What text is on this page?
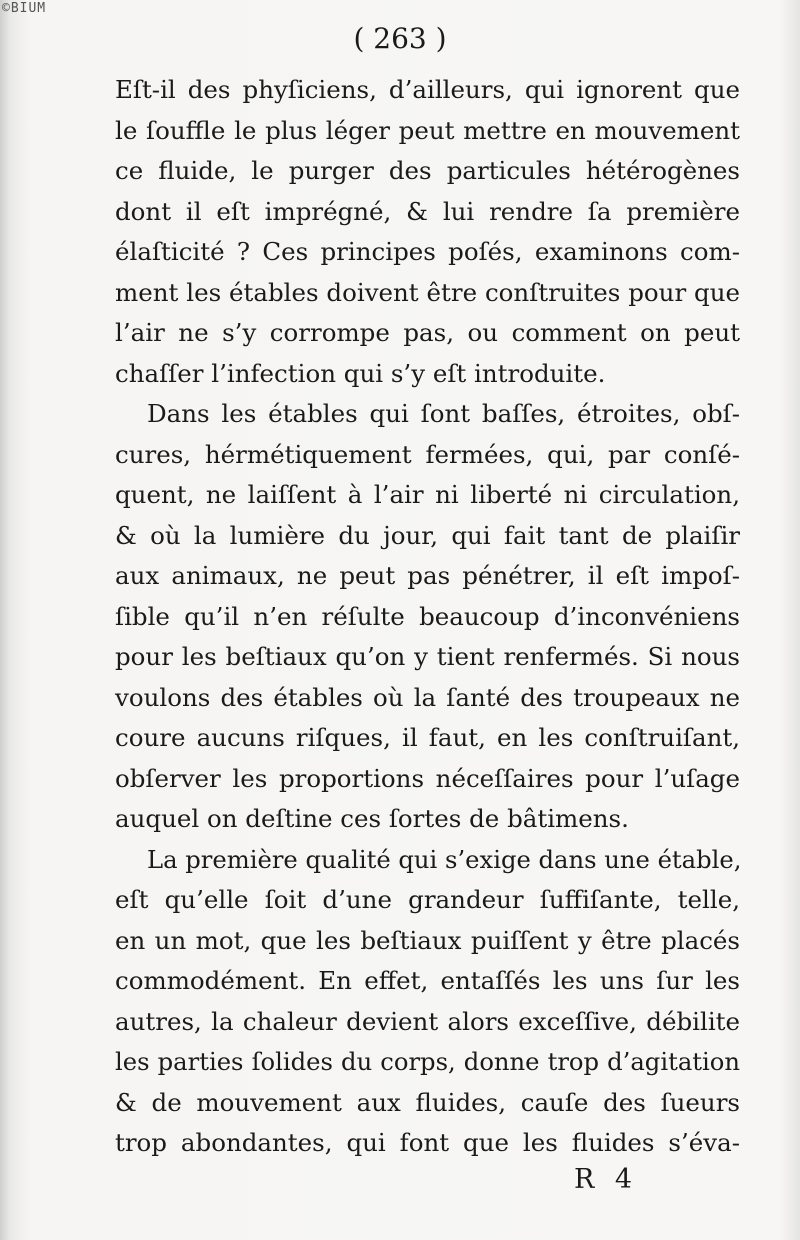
©BIUM
( 263 )
Eſt-il des phyſiciens, d’ailleurs, qui ignorent que
le ſouffle le plus léger peut mettre en mouvement
ce fluide, le purger des particules hétérogènes
dont il eſt imprégné, & lui rendre ſa première
élaſticité ? Ces principes poſés, examinons com-
ment les étables doivent être conſtruites pour que
l’air ne s’y corrompe pas, ou comment on peut
chaſſer l’infection qui s’y eſt introduite.
Dans les étables qui ſont baſſes, étroites, obſ-
cures, hérmétiquement fermées, qui, par conſé-
quent, ne laiſſent à l’air ni liberté ni circulation,
& où la lumière du jour, qui fait tant de plaiſir
aux animaux, ne peut pas pénétrer, il eſt impoſ-
ſible qu’il n’en réſulte beaucoup d’inconvéniens
pour les beſtiaux qu’on y tient renfermés. Si nous
voulons des étables où la ſanté des troupeaux ne
coure aucuns riſques, il faut, en les conſtruiſant,
obſerver les proportions néceſſaires pour l’uſage
auquel on deſtine ces ſortes de bâtimens.
La première qualité qui s’exige dans une étable,
eſt qu’elle ſoit d’une grandeur ſuffiſante, telle,
en un mot, que les beſtiaux puiſſent y être placés
commodément. En effet, entaſſés les uns ſur les
autres, la chaleur devient alors exceſſive, débilite
les parties ſolides du corps, donne trop d’agitation
& de mouvement aux fluides, cauſe des ſueurs
trop abondantes, qui font que les fluides s’éva-
R 4
